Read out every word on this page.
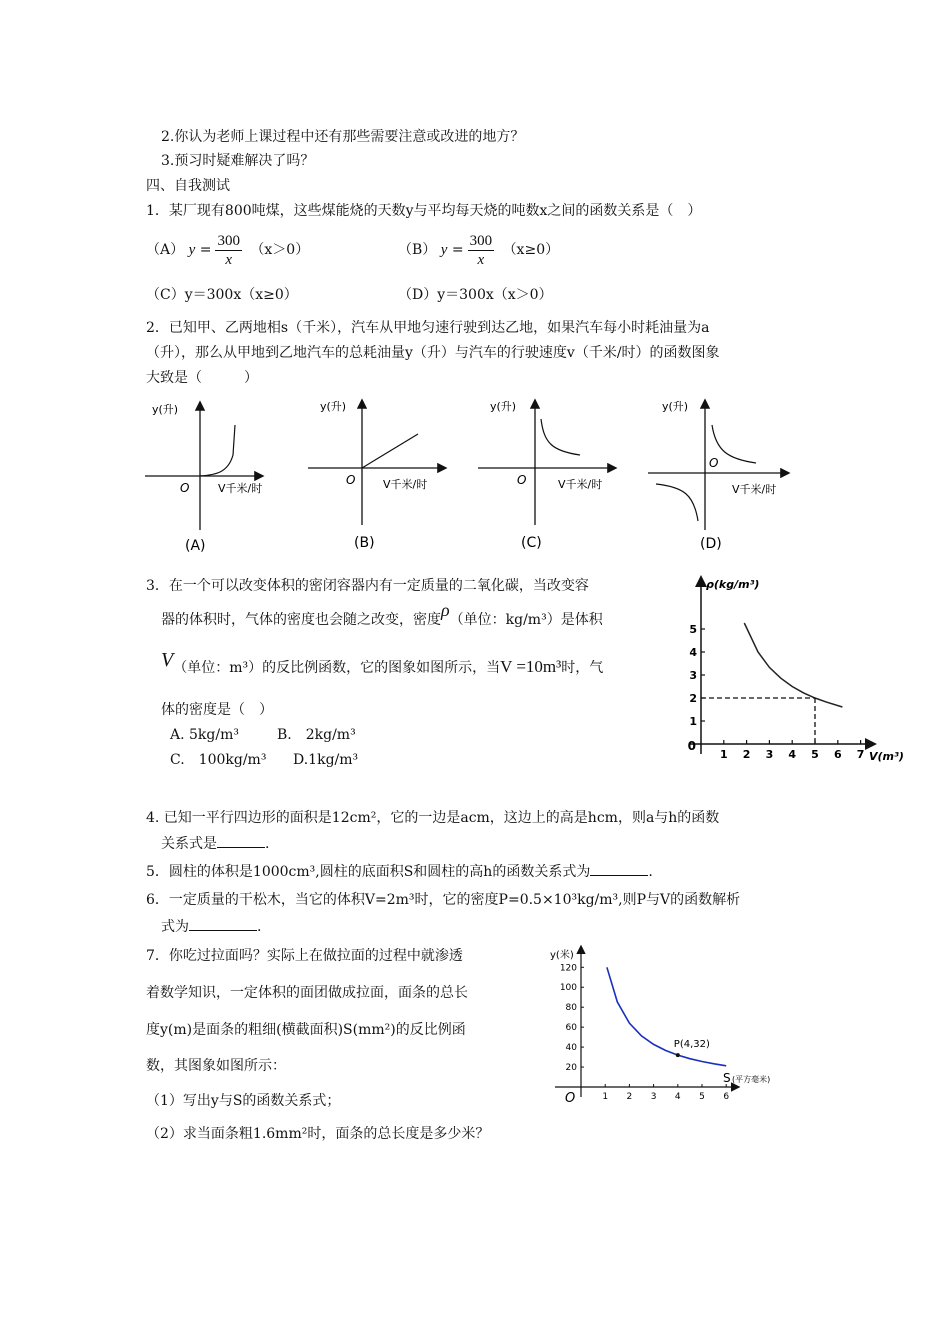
2.你认为老师上课过程中还有那些需要注意或改进的地方？
3.预习时疑难解决了吗？
四、自我测试
1．某厂现有800吨煤，这些煤能烧的天数y与平均每天烧的吨数x之间的函数关系是（　）
（A） $y = \frac{300}{x} (x>0)$	（B） $y = \frac{300}{x} (x\ge 0)$
（C）y＝300x（x≥0）	（D）y＝300x（x＞0）
2．已知甲、乙两地相s（千米），汽车从甲地匀速行驶到达乙地，如果汽车每小时耗油量为a
（升），那么从甲地到乙地汽车的总耗油量y（升）与汽车的行驶速度v（千米/时）的函数图象
大致是（　　　）
y(升)
O	V千米/时
(A)
y(升)
O	V千米/时
(B)
y(升)
O	V千米/时
(C)
y(升)
O
V千米/时
(D)
3．在一个可以改变体积的密闭容器内有一定质量的二氧化碳，当改变容
器的体积时，气体的密度也会随之改变，密度ρ（单位：kg/m³）是体积
V（单位：m³）的反比例函数，它的图象如图所示，当V =10m³时，气
体的密度是（　）
A. 5kg/m³	B.　2kg/m³
C.　100kg/m³ D.1kg/m³
ρ(kg/m³)
V(m³)
0
1 2 3 4 5 6 7
1
2
3
4
5
4. 已知一平行四边形的面积是12cm²，它的一边是acm，这边上的高是hcm，则a与h的函数
关系式是	.
5．圆柱的体积是1000cm³,圆柱的底面积S和圆柱的高h的函数关系式为	.
6．一定质量的干松木，当它的体积V=2m³时，它的密度P=0.5×10³kg/m³,则P与V的函数解析
式为	.
7．你吃过拉面吗？实际上在做拉面的过程中就渗透
着数学知识，一定体积的面团做成拉面，面条的总长
度y(m)是面条的粗细(横截面积)S(mm²)的反比例函
数，其图象如图所示：
（1）写出y与S的函数关系式；
（2）求当面条粗1.6mm²时，面条的总长度是多少米？
y(米)
S (平方毫米)
O	1 2 3 4 5 6
20
40
60
80
100
120
P(4,32)
